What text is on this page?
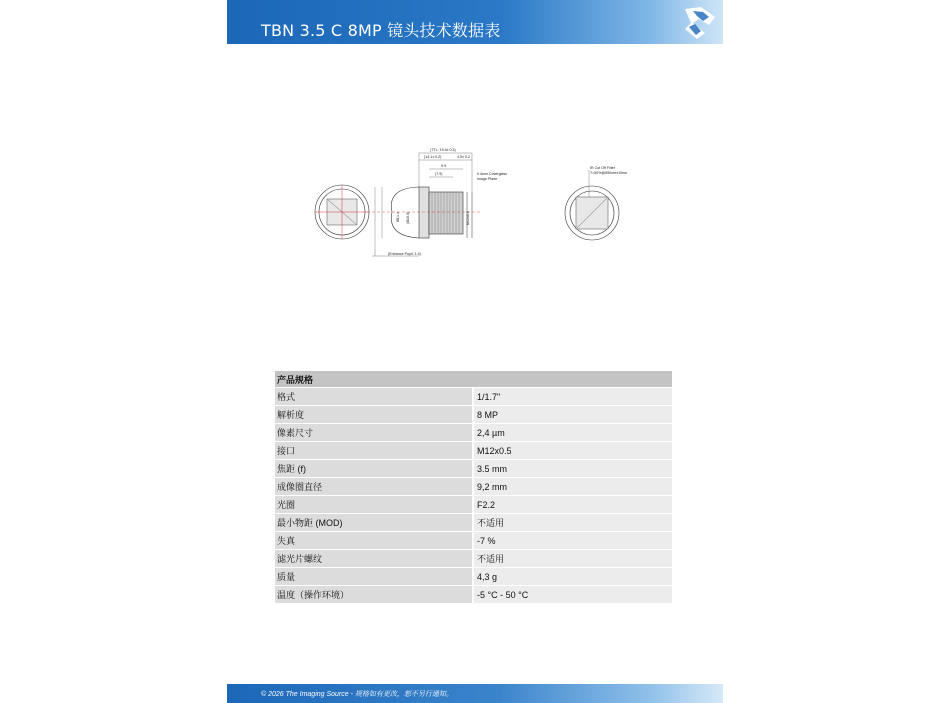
TBN 3.5 C 8MP 镜头技术数据表
(TTL: 19.4± 0.3)
(14.1± 0.2)	4.5± 0.2
9.9
(7.9)	0.4mm Coverglass
Image Plane
M12x0.5
Ø14.4 (Ø10.6)
(Entrance Pupil: 1.4)
IR Cut Off Filter
T=50%@650nm±10nm
产品规格	
格式	1/1.7"
解析度	8 MP
像素尺寸	2,4 µm
接口	M12x0.5
焦距 (f)	3.5 mm
成像圈直径	9,2 mm
光圈	F2.2
最小物距 (MOD)	不适用
失真	-7 %
滤光片螺纹	不适用
质量	4,3 g
温度（操作环境）	-5 °C - 50 °C
© 2026 The Imaging Source - 规格如有更改，恕不另行通知。
